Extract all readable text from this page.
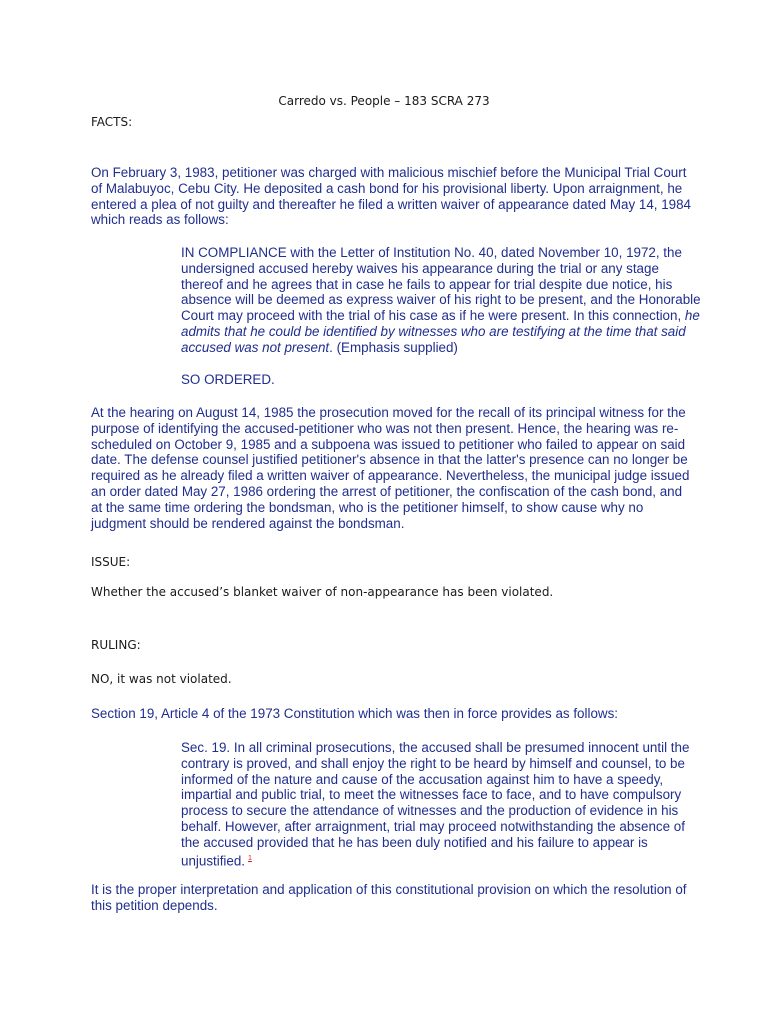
Carredo vs. People – 183 SCRA 273
FACTS:

On February 3, 1983, petitioner was charged with malicious mischief before the Municipal Trial Court of Malabuyoc, Cebu City. He deposited a cash bond for his provisional liberty. Upon arraignment, he entered a plea of not guilty and thereafter he filed a written waiver of appearance dated May 14, 1984 which reads as follows:

IN COMPLIANCE with the Letter of Institution No. 40, dated November 10, 1972, the undersigned accused hereby waives his appearance during the trial or any stage thereof and he agrees that in case he fails to appear for trial despite due notice, his absence will be deemed as express waiver of his right to be present, and the Honorable Court may proceed with the trial of his case as if he were present. In this connection, he admits that he could be identified by witnesses who are testifying at the time that said accused was not present. (Emphasis supplied)

SO ORDERED.

At the hearing on August 14, 1985 the prosecution moved for the recall of its principal witness for the purpose of identifying the accused-petitioner who was not then present. Hence, the hearing was re-scheduled on October 9, 1985 and a subpoena was issued to petitioner who failed to appear on said date. The defense counsel justified petitioner's absence in that the latter's presence can no longer be required as he already filed a written waiver of appearance. Nevertheless, the municipal judge issued an order dated May 27, 1986 ordering the arrest of petitioner, the confiscation of the cash bond, and at the same time ordering the bondsman, who is the petitioner himself, to show cause why no judgment should be rendered against the bondsman.

ISSUE:
Whether the accused’s blanket waiver of non-appearance has been violated.
RULING:
NO, it was not violated.

Section 19, Article 4 of the 1973 Constitution which was then in force provides as follows:

Sec. 19. In all criminal prosecutions, the accused shall be presumed innocent until the contrary is proved, and shall enjoy the right to be heard by himself and counsel, to be informed of the nature and cause of the accusation against him to have a speedy, impartial and public trial, to meet the witnesses face to face, and to have compulsory process to secure the attendance of witnesses and the production of evidence in his behalf. However, after arraignment, trial may proceed notwithstanding the absence of the accused provided that he has been duly notified and his failure to appear is unjustified. $^1$

It is the proper interpretation and application of this constitutional provision on which the resolution of this petition depends.
